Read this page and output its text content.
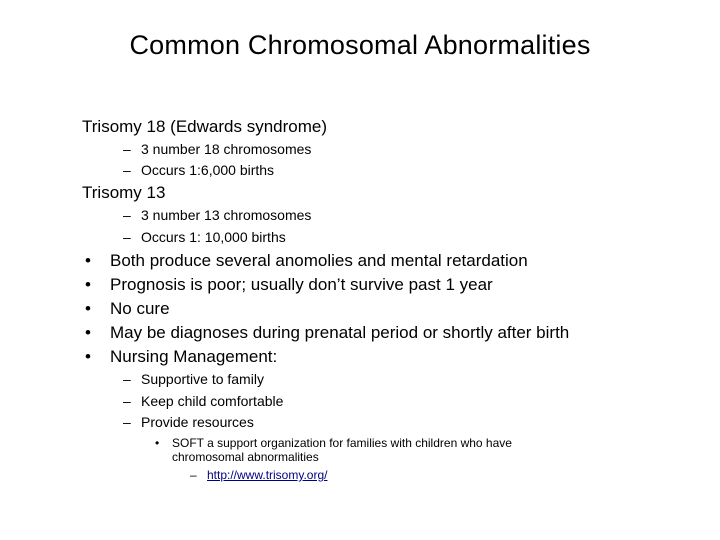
Common Chromosomal Abnormalities
Trisomy 18 (Edwards syndrome)
– 3 number 18 chromosomes
– Occurs 1:6,000 births
Trisomy 13
– 3 number 13 chromosomes
– Occurs 1: 10,000 births
• Both produce several anomolies and mental retardation
• Prognosis is poor; usually don’t survive past 1 year
• No cure
• May be diagnoses during prenatal period or shortly after birth
• Nursing Management:
– Supportive to family
– Keep child comfortable
– Provide resources
• SOFT a support organization for families with children who have
chromosomal abnormalities
– http://www.trisomy.org/
